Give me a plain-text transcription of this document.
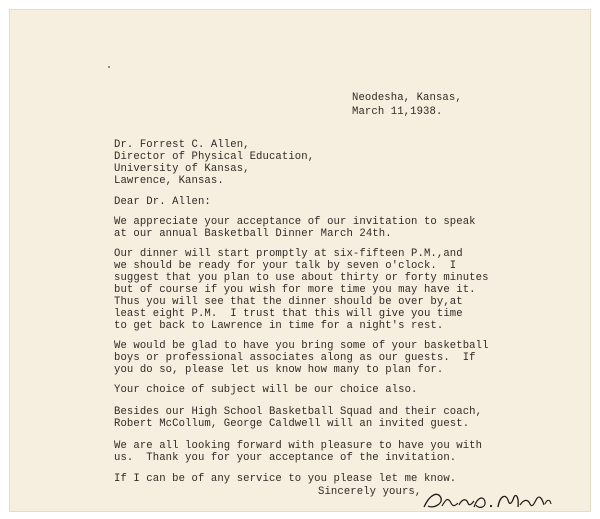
Neodesha, Kansas,
March 11,1938.
Dr. Forrest C. Allen,
Director of Physical Education,
University of Kansas,
Lawrence, Kansas.
Dear Dr. Allen:
We appreciate your acceptance of our invitation to speak
at our annual Basketball Dinner March 24th.
Our dinner will start promptly at six-fifteen P.M.,and
we should be ready for your talk by seven o'clock.  I
suggest that you plan to use about thirty or forty minutes
but of course if you wish for more time you may have it.
Thus you will see that the dinner should be over by,at
least eight P.M.  I trust that this will give you time
to get back to Lawrence in time for a night's rest.
We would be glad to have you bring some of your basketball
boys or professional associates along as our guests.  If
you do so, please let us know how many to plan for.
Your choice of subject will be our choice also.
Besides our High School Basketball Squad and their coach,
Robert McCollum, George Caldwell will an invited guest.
We are all looking forward with pleasure to have you with
us.  Thank you for your acceptance of the invitation.
If I can be of any service to you please let me know.
Sincerely yours,
